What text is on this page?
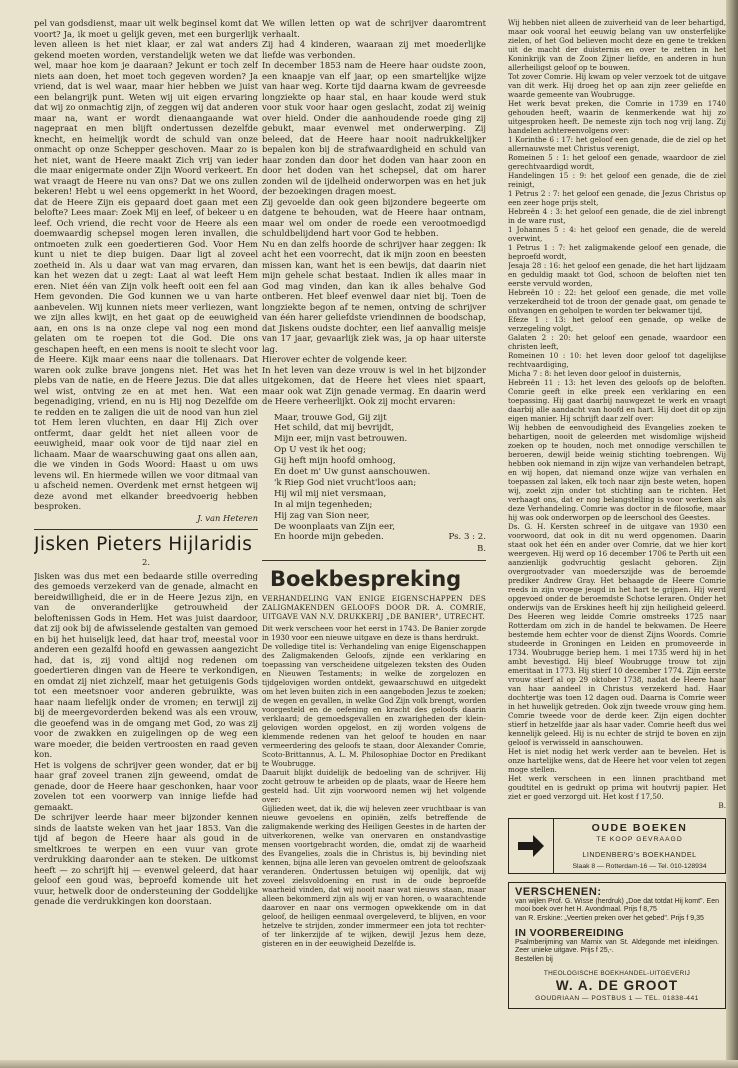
pel van godsdienst, maar uit welk beginsel komt dat voort? Ja, ik moet u gelijk geven, met een burgerlijk leven alleen is het niet klaar, er zal wat anders gekend moeten worden, verstandelijk weten we dat wel, maar hoe kom je daaraan? Jekunt er toch zelf niets aan doen, het moet toch gegeven worden? Ja vriend, dat is wel waar, maar hier hebben we juist een belangrijk punt. Weten wij uit eigen ervaring dat wij zo onmachtig zijn, of zeggen wij dat anderen maar na, want er wordt dienaangaande wat nagepraat en men blijft ondertussen dezelfde knecht, en heimelijk wordt de schuld van onze onmacht op onze Schepper geschoven. Maar zo is het niet, want de Heere maakt Zich vrij van ieder die maar enigermate onder Zijn Woord verkeert. En wat vraagt de Heere nu van ons? Dat we ons zullen bekeren! Hebt u wel eens opgemerkt in het Woord, dat de Heere Zijn eis gepaard doet gaan met een belofte? Lees maar: Zoek Mij en leef, of bekeer u en leef. Och vriend, die recht voor de Heere als een doemwaardig schepsel mogen leren invallen, die ontmoeten zulk een goedertieren God. Voor Hem kunt u niet te diep buigen. Daar ligt al zoveel zoetheid in. Als u daar wat van mag ervaren, dan kan het wezen dat u zegt: Laat al wat leeft Hem eren. Niet één van Zijn volk heeft ooit een fel aan Hem gevonden. Die God kunnen we u van harte aanbevelen. Wij kunnen niets meer verliezen, want we zijn alles kwijt, en het gaat op de eeuwigheid aan, en ons is na onze clepe val nog een mond gelaten om te roepen tot die God. Die ons geschapen heeft, en een mens is nooit te slecht voor de Heere. Kijk maar eens naar die tollenaars. Dat waren ook zulke brave jongens niet. Het was het plebs van de natie, en de Heere Jezus. Die dat alles wel wist, ontving ze en at met hen. Wat een begenadiging, vriend, en nu is Hij nog Dezelfde om te redden en te zaligen die uit de nood van hun ziel tot Hem leren vluchten, en daar Hij Zich over ontfermt, daar geldt het niet alleen voor de eeuwigheid, maar ook voor de tijd naar ziel en lichaam. Maar de waarschuwing gaat ons allen aan, die we vinden in Gods Woord: Haast u om uws levens wil. En hiermede willen we voor ditmaal van u afscheid nemen. Overdenk met ernst hetgeen wij deze avond met elkander breedvoerig hebben besproken.

J. van Heteren
Jisken Pieters Hijlaridis
2.

Jisken was dus met een bedaarde stille overreding des gemoeds verzekerd van de genade, almacht en bereidwilligheid, die er in de Heere Jezus zijn, en van de onveranderlijke getrouwheid der beloftenissen Gods in Hem. Het was juist daardoor, dat zij ook bij de afwisselende gestalten van gemoed en bij het huiselijk leed, dat haar trof, meestal voor anderen een gezalfd hoofd en gewassen aangezicht had, dat is, zij vond altijd nog redenen om goedertieren dingen van de Heere te verkondigen, en omdat zij niet zichzelf, maar het getuigenis Gods tot een meetsnoer voor anderen gebruikte, was haar naam liefelijk onder de vromen; en terwijl zij bij de meergevorderden bekend was als een vrouw, die geoefend was in de omgang met God, zo was zij voor de zwakken en zuigelingen op de weg een ware moeder, die beiden vertroosten en raad geven kon.

Het is volgens de schrijver geen wonder, dat er bij haar graf zoveel tranen zijn geweend, omdat de genade, door de Heere haar geschonken, haar voor zovelen tot een voorwerp van innige liefde had gemaakt.

De schrijver leerde haar meer bijzonder kennen sinds de laatste weken van het jaar 1853. Van die tijd af begon de Heere haar als goud in de smeltkroes te werpen en een vuur van grote verdrukking daaronder aan te steken. De uitkomst heeft — zo schrijft hij — evenwel geleerd, dat haar geloof een goud was, beproefd komende uit het vuur, hetwelk door de ondersteuning der Goddelijke genade die verdrukkingen kon doorstaan.

We willen letten op wat de schrijver daaromtrent verhaalt.

Zij had 4 kinderen, waaraan zij met moederlijke liefde was verbonden.

In december 1853 nam de Heere haar oudste zoon, een knaapje van elf jaar, op een smartelijke wijze van haar weg. Korte tijd daarna kwam de gevreesde longziekte op haar stal, en haar koude werd stuk voor stuk voor haar ogen geslacht, zodat zij weinig over hield. Onder die aanhoudende roede ging zij gebukt, maar evenwel met onderwerping. Zij beleed, dat de Heere haar nooit nadrukkelijker bepalen kon bij de strafwaardigheid en schuld van haar zonden dan door het doden van haar zoon en door het doden van het schepsel, dat om harer zonden wil de ijdelheid onderworpen was en het juk der bezoekingen dragen moest.

Zij gevoelde dan ook geen bijzondere begeerte om datgene te behouden, wat de Heere haar ontnam, maar wel om onder de roede een verootmoedigd schuldbelijdend hart voor God te hebben.

Nu en dan zelfs hoorde de schrijver haar zeggen: Ik acht het een voorrecht, dat ik mijn zoon en beesten missen kan, want het is een bewijs, dat daarin niet mijn gehele schat bestaat. Indien ik alles maar in God mag vinden, dan kan ik alles behalve God ontberen. Het bleef evenwel daar niet bij. Toen de longziekte begon af te nemen, ontving de schrijver van één harer geliefdste vriendinnen de boodschap, dat Jiskens oudste dochter, een lief aanvallig meisje van 17 jaar, gevaarlijk ziek was, ja op haar uiterste lag.

Hierover echter de volgende keer.

In het leven van deze vrouw is wel in het bijzonder uitgekomen, dat de Heere het vlees niet spaart, maar ook wat Zijn genade vermag. En daarin werd de Heere verheerlijkt. Ook zij mocht ervaren:

Maar, trouwe God, Gij zijt
Het schild, dat mij bevrijdt,
Mijn eer, mijn vast betrouwen.
Op U vest ik het oog;
Gij heft mijn hoofd omhoog,
En doet m' Uw gunst aanschouwen.
'k Riep God niet vrucht'loos aan;
Hij wil mij niet versmaan,
In al mijn tegenheden;
Hij zag van Sion neer,
De woonplaats van Zijn eer,
En hoorde mijn gebeden.	Ps. 3 : 2.
B.
Boekbespreking
VERHANDELING VAN ENIGE EIGENSCHAPPEN DES ZALIGMAKENDEN GELOOFS DOOR DR. A. COMRIE, UITGAVE VAN N.V. DRUKKERIJ „DE BANIER", UTRECHT.

Dit werk verscheen voor het eerst in 1743. De Banier zorgde in 1930 voor een nieuwe uitgave en deze is thans herdrukt.

De volledige titel is: Verhandeling van enige Eigenschappen des Zaligmakenden Geloofs, zijnde een verklaring en toepassing van verscheidene uitgelezen teksten des Ouden en Nieuwen Testaments; in welke de zorgelozen en tijdgelovigen worden ontdekt, gewaarschuwd en uitgedekt om het leven buiten zich in een aangeboden Jezus te zoeken; de wegen en gevallen, in welke God Zijn volk brengt, worden voorgesteld en de oefening en kracht des geloofs daarin verklaard; de gemoedsgevallen en zwarigheden der klein-gelovigen worden opgelost, en zij worden volgens de klemmende redenen van het geloof te houden en naar vermeerdering des geloofs te staan, door Alexander Comrie, Scoto-Brittannus, A. L. M. Philosophiae Doctor en Predikant te Woubrugge.

Daaruit blijkt duidelijk de bedoeling van de schrijver. Hij zocht getrouw te arbeiden op de plaats, waar de Heere hem gesteld had. Uit zijn voorwoord nemen wij het volgende over:

Gijlieden weet, dat ik, die wij heleven zeer vruchtbaar is van nieuwe gevoelens en opiniën, zelfs betreffende de zaligmakende werking des Heiligen Geestes in de harten der uitverkorenen, welke van onervaren en onstandvastige mensen voortgebracht worden, die, omdat zij de waarheid des Evangelies, zoals die in Christus is, bij bevinding niet kennen, bijna alle leren van gevoelen omtrent de geloofszaak veranderen. Ondertussen betuigen wij openlijk, dat wij zoveel zielsvoldoening en rust in de oude beproefde waarheid vinden, dat wij nooit naar wat nieuws staan, maar alleen bekommerd zijn als wij er van horen, o waarachtende daarover en naar ons vermogen opwekkende om in dat geloof, de heiligen eenmaal overgeleverd, te blijven, en voor hetzelve te strijden, zonder immermeer een jota tot rechter- of ter linkerzijde af te wijken, dewijl Jezus hem deze, gisteren en in der eeuwigheid Dezelfde is.

Wij hebben niet alleen de zuiverheid van de leer behartigd, maar ook vooral het eeuwig belang van uw onsterfelijke zielen, of het God believen mocht deze en gene te trekken uit de macht der duisternis en over te zetten in het Koninkrijk van de Zoon Zijner liefde, en anderen in hun allerheiligst geloof op te bouwen.

Tot zover Comrie. Hij kwam op veler verzoek tot de uitgave van dit werk. Hij droeg het op aan zijn zeer geliefde en waarde gemeente van Woubrugge.

Het werk bevat preken, die Comrie in 1739 en 1740 gehouden heeft, waarin de kenmerkende wat hij zo uitgesproken heeft. De nemeste zijn toch nog vrij lang. Zij handelen achtereenvolgens over:

1 Korinthe 6 : 17: het geloof een genade, die de ziel op het allernauwste met Christus verenigt,

Romeinen 5 : 1: het geloof een genade, waardoor de ziel gerechtvaardigd wordt,

Handelingen 15 : 9: het geloof een genade, die de ziel reinigt,

1 Petrus 2 : 7: het geloof een genade, die Jezus Christus op een zeer hoge prijs stelt,

Hebreën 4 : 3: het geloof een genade, die de ziel inbrengt in de ware rust,

1 Johannes 5 : 4: het geloof een genade, die de wereld overwint,

1 Petrus 1 : 7: het zaligmakende geloof een genade, die beproefd wordt,

Jesaja 28 : 16: het geloof een genade, die het hart lijdzaam en geduldig maakt tot God, schoon de beloften niet ten eerste vervuld worden,

Hebreën 10 : 22: het geloof een genade, die met volle verzekerdheid tot de troon der genade gaat, om genade te ontvangen en geholpen te worden ter bekwamer tijd,

Efeze 1 : 13: het geloof een genade, op welke de verzegeling volgt,

Galaten 2 : 20: het geloof een genade, waardoor een christen leeft,

Romeinen 10 : 10: het leven door geloof tot dagelijkse rechtvaardiging,

Micha 7 : 8: het leven door geloof in duisternis,

Hebreën 11 : 13: het leven des geloofs op de beloften. Comrie geeft in elke preek een verklaring en een toepassing. Hij gaat daarbij nauwgezet te werk en vraagt daarbij alle aandacht van hoofd en hart. Hij doet dit op zijn eigen manier. Hij schrijft daar zelf over:

Wij hebben de eenvoudigheid des Evangelies zoeken te behartigen, nooit de geleerden met wisdomlige wijsheid zoeken op te houden, noch met onnodige verschillen te beroeren, dewijl beide weinig stichting toebrengen. Wij hebben ook niemand in zijn wijze van verhandelen betrapt, en wij hopen, dat niemand onze wijze van verhalen en toepassen zal laken, elk toch naar zijn beste weten, hopen wij, zoekt zijn onder tot stichting aan te richten. Het verhaagt ons, dat er nog belangstelling is voor werken als deze Verhandeling. Comrie was doctor in de filosofie, maar hij was ook onderworpen op de leerschool des Geestes.

Ds. G. H. Kersten schreef in de uitgave van 1930 een voorwoord, dat ook in dit nu werd opgenomen. Daarin staat ook het één en ander over Comrie, dat we hier kort weergeven. Hij werd op 16 december 1706 te Perth uit een aanzienlijk godvruchtig geslacht geboren. Zijn overgrootvader van moederszijde was de beroemde prediker Andrew Gray. Het behaagde de Heere Comrie reeds in zijn vroege jeugd in het hart te grijpen. Hij werd opgevoed onder de beroemdste Schotse leraren. Onder het onderwijs van de Erskines heeft hij zijn heiligheid geleerd. Des Heeren weg leidde Comrie omstreeks 1725 naar Rotterdam om zich in de handel te bekwamen. De Heere bestemde hem echter voor de dienst Zijns Woords. Comrie studeerde in Groningen en Leiden en promoveerde in 1734. Woubrugge beriep hem. 1 mei 1735 werd hij in het ambt bevestigd. Hij bleef Woubrugge trouw tot zijn emeritaat in 1773. Hij stierf 10 december 1774. Zijn eerste vrouw stierf al op 29 oktober 1738, nadat de Heere haar van haar aandeel in Christus verzekerd had. Haar dochtertje was toen 12 dagen oud. Daarna is Comrie weer in het huwelijk getreden. Ook zijn tweede vrouw ging hem. Comrie tweede voor de derde keer. Zijn eigen dochter stierf in hetzelfde jaar als haar vader. Comrie heeft dus wel kennelijk geleed. Hij is nu echter de strijd te boven en zijn geloof is verwisseld in aanschouwen.

Het is niet nodig het werk verder aan te bevelen. Het is onze hartelijke wens, dat de Heere het voor velen tot zegen moge stellen.

Het werk verscheen in een linnen prachtband met goudtitel en is gedrukt op prima wit houtvrij papier. Het ziet er goed verzorgd uit. Het kost f 17,50.

B.
OUDE BOEKEN
TE KOOP GEVRAAGD
LINDENBERG's BOEKHANDEL
Slaak 8 — Rotterdam-16 — Tel. 010-128934
VERSCHENEN:
van wijlen Prof. G. Wisse (herdruk) „Doe dat totdat Hij komt". Een mooi boek over het H. Avondmaal. Prijs f 8,75
van R. Erskine: „Veertien preken over het gebed". Prijs f 9,35
IN VOORBEREIDING
Psalmberijming van Marnix van St. Aldegonde met inleidingen. Zeer unieke uitgave. Prijs f 25,-.
Bestellen bij
THEOLOGISCHE BOEKHANDEL-UITGEVERIJ
W. A. DE GROOT
GOUDRIAAN — POSTBUS 1 — TEL. 01838-441
